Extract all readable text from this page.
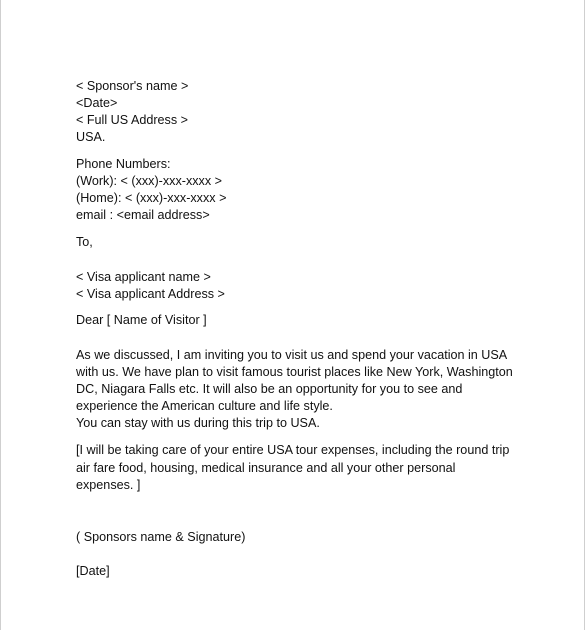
< Sponsor's name >
<Date>
< Full US Address >
USA.
Phone Numbers:
(Work): < (xxx)-xxx-xxxx >
(Home): < (xxx)-xxx-xxxx >
email : <email address>
To,
< Visa applicant name >
< Visa applicant Address >
Dear [ Name of Visitor ]
As we discussed, I am inviting you to visit us and spend your vacation in USA
with us. We have plan to visit famous tourist places like New York, Washington
DC, Niagara Falls etc. It will also be an opportunity for you to see and
experience the American culture and life style.
You can stay with us during this trip to USA.
[I will be taking care of your entire USA tour expenses, including the round trip
air fare food, housing, medical insurance and all your other personal
expenses. ]
( Sponsors name & Signature)
[Date]
